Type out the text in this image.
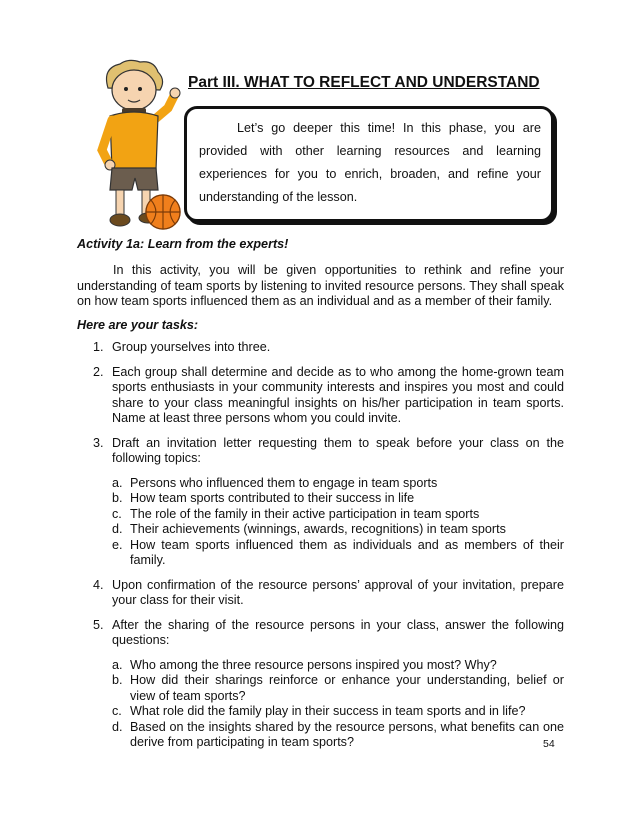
Part III. WHAT TO REFLECT AND UNDERSTAND

Let’s go deeper this time! In this phase, you are provided with other learning resources and learning experiences for you to enrich, broaden, and refine your understanding of the lesson.

Activity 1a: Learn from the experts!

In this activity, you will be given opportunities to rethink and refine your understanding of team sports by listening to invited resource persons. They shall speak on how team sports influenced them as an individual and as a member of their family.

Here are your tasks:

1. Group yourselves into three.
2. Each group shall determine and decide as to who among the home-grown team sports enthusiasts in your community interests and inspires you most and could share to your class meaningful insights on his/her participation in team sports. Name at least three persons whom you could invite.
3. Draft an invitation letter requesting them to speak before your class on the following topics:
a. Persons who influenced them to engage in team sports
b. How team sports contributed to their success in life
c. The role of the family in their active participation in team sports
d. Their achievements (winnings, awards, recognitions) in team sports
e. How team sports influenced them as individuals and as members of their family.
4. Upon confirmation of the resource persons’ approval of your invitation, prepare your class for their visit.
5. After the sharing of the resource persons in your class, answer the following questions:
a. Who among the three resource persons inspired you most? Why?
b. How did their sharings reinforce or enhance your understanding, belief or view of team sports?
c. What role did the family play in their success in team sports and in life?
d. Based on the insights shared by the resource persons, what benefits can one derive from participating in team sports?	54
